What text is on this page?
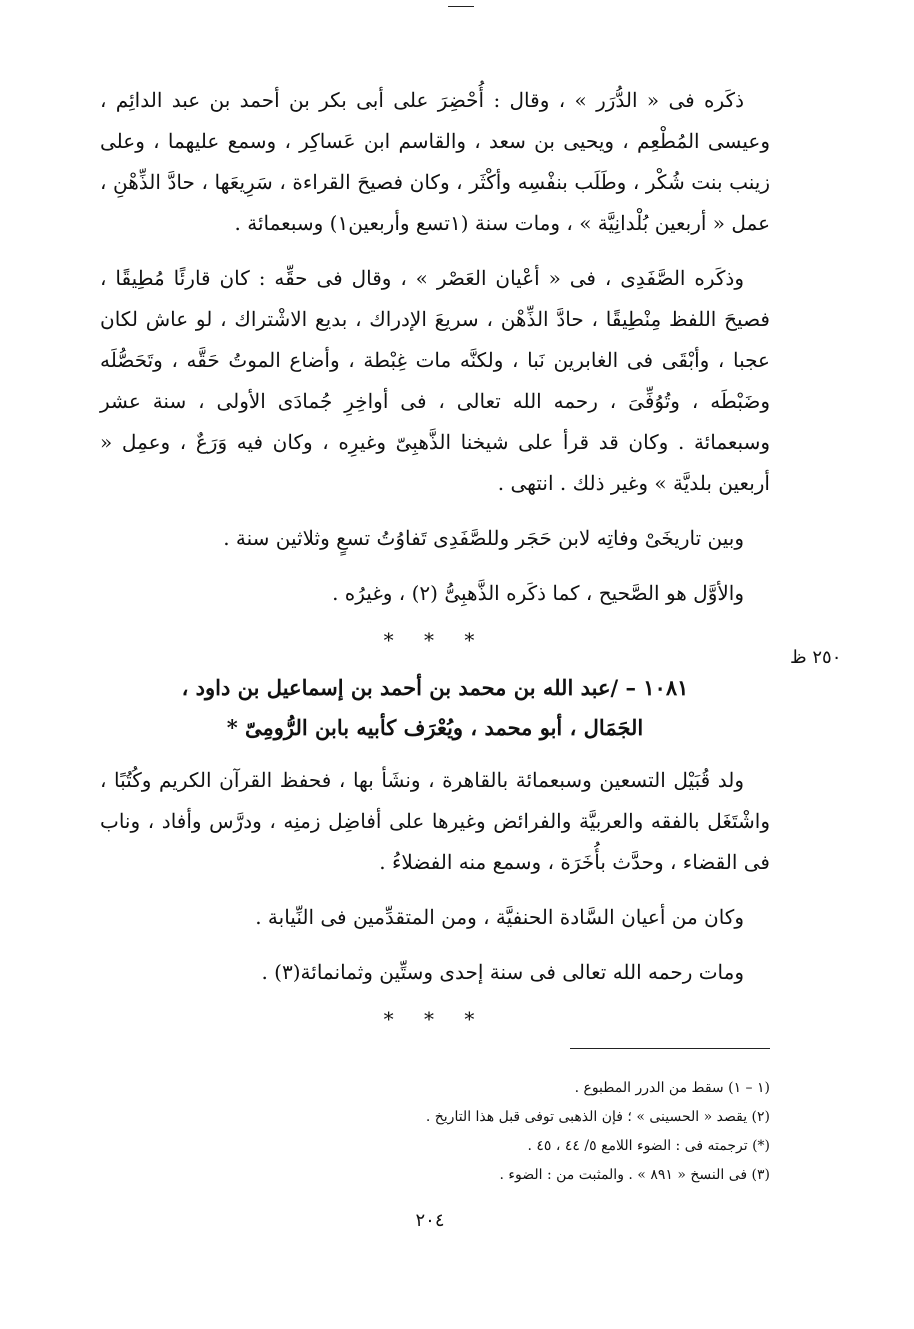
٢٥٠ ظ

ذكَره فى « الدُّرَر » ، وقال : أُحْضِرَ على أبى بكر بن أحمد بن عبد الدائِم ، وعيسى المُطْعِم ، ويحيى بن سعد ، والقاسم ابن عَساكِر ، وسمع عليهما ، وعلى زينب بنت شُكْر ، وطَلَب بنفْسِه وأكْثَر ، وكان فصيحَ القراءة ، سَرِيعَها ، حادَّ الذِّهْنِ ، عمل « أربعين بُلْدانِيَّة » ، ومات سنة (١تسع وأربعين١) وسبعمائة .

وذكَره الصَّفَدِى ، فى « أعْيان العَصْر » ، وقال فى حقِّه : كان قارئًا مُطِيقًا ، فصيحَ اللفظ مِنْطِيقًا ، حادَّ الذِّهْن ، سريعَ الإدراك ، بديع الاشْتراك ، لو عاش لكان عجبا ، وأبْقَى فى الغابرين نَبا ، ولكنَّه مات غِبْطة ، وأضاع الموتُ حَقَّه ، وتَحَصُّلَه وضَبْطَه ، وتُوُفِّىَ ، رحمه الله تعالى ، فى أواخِرِ جُمادَى الأولى ، سنة عشر وسبعمائة . وكان قد قرأ على شيخنا الذَّهبِىّ وغيرِه ، وكان فيه وَرَعٌ ، وعمِل « أربعين بلديَّة » وغير ذلك . انتهى .

وبين تاريخَىْ وفاتِه لابن حَجَر وللصَّفَدِى تَفاوُتُ تسعٍ وثلاثين سنة .

والأوَّل هو الصَّحيح ، كما ذكَره الذَّهبِىُّ (٢) ، وغيرُه .

* * *
١٠٨١ – /عبد الله بن محمد بن أحمد بن إسماعيل بن داود ،
الجَمَال ، أبو محمد ، ويُعْرَف كأبيه بابن الرُّومِىّ *

ولد قُبَيْل التسعين وسبعمائة بالقاهرة ، ونشَأ بها ، فحفظ القرآن الكريم وكُتُبًا ، واشْتَغَل بالفقه والعربيَّة والفرائض وغيرها على أفاضِل زمنِه ، ودرَّس وأفاد ، وناب فى القضاء ، وحدَّث بأُخَرَة ، وسمع منه الفضلاءُ .

وكان من أعيان السَّادة الحنفيَّة ، ومن المتقدِّمين فى النِّيابة .

ومات رحمه الله تعالى فى سنة إحدى وستِّين وثمانمائة(٣) .

* * *

(١ – ١) سقط من الدرر المطبوع .

(٢) يقصد « الحسينى » ؛ فإن الذهبى توفى قبل هذا التاريخ .

(*) ترجمته فى : الضوء اللامع ٥/ ٤٤ ، ٤٥ .

(٣) فى النسخ « ٨٩١ » . والمثبت من : الضوء .

٢٠٤
